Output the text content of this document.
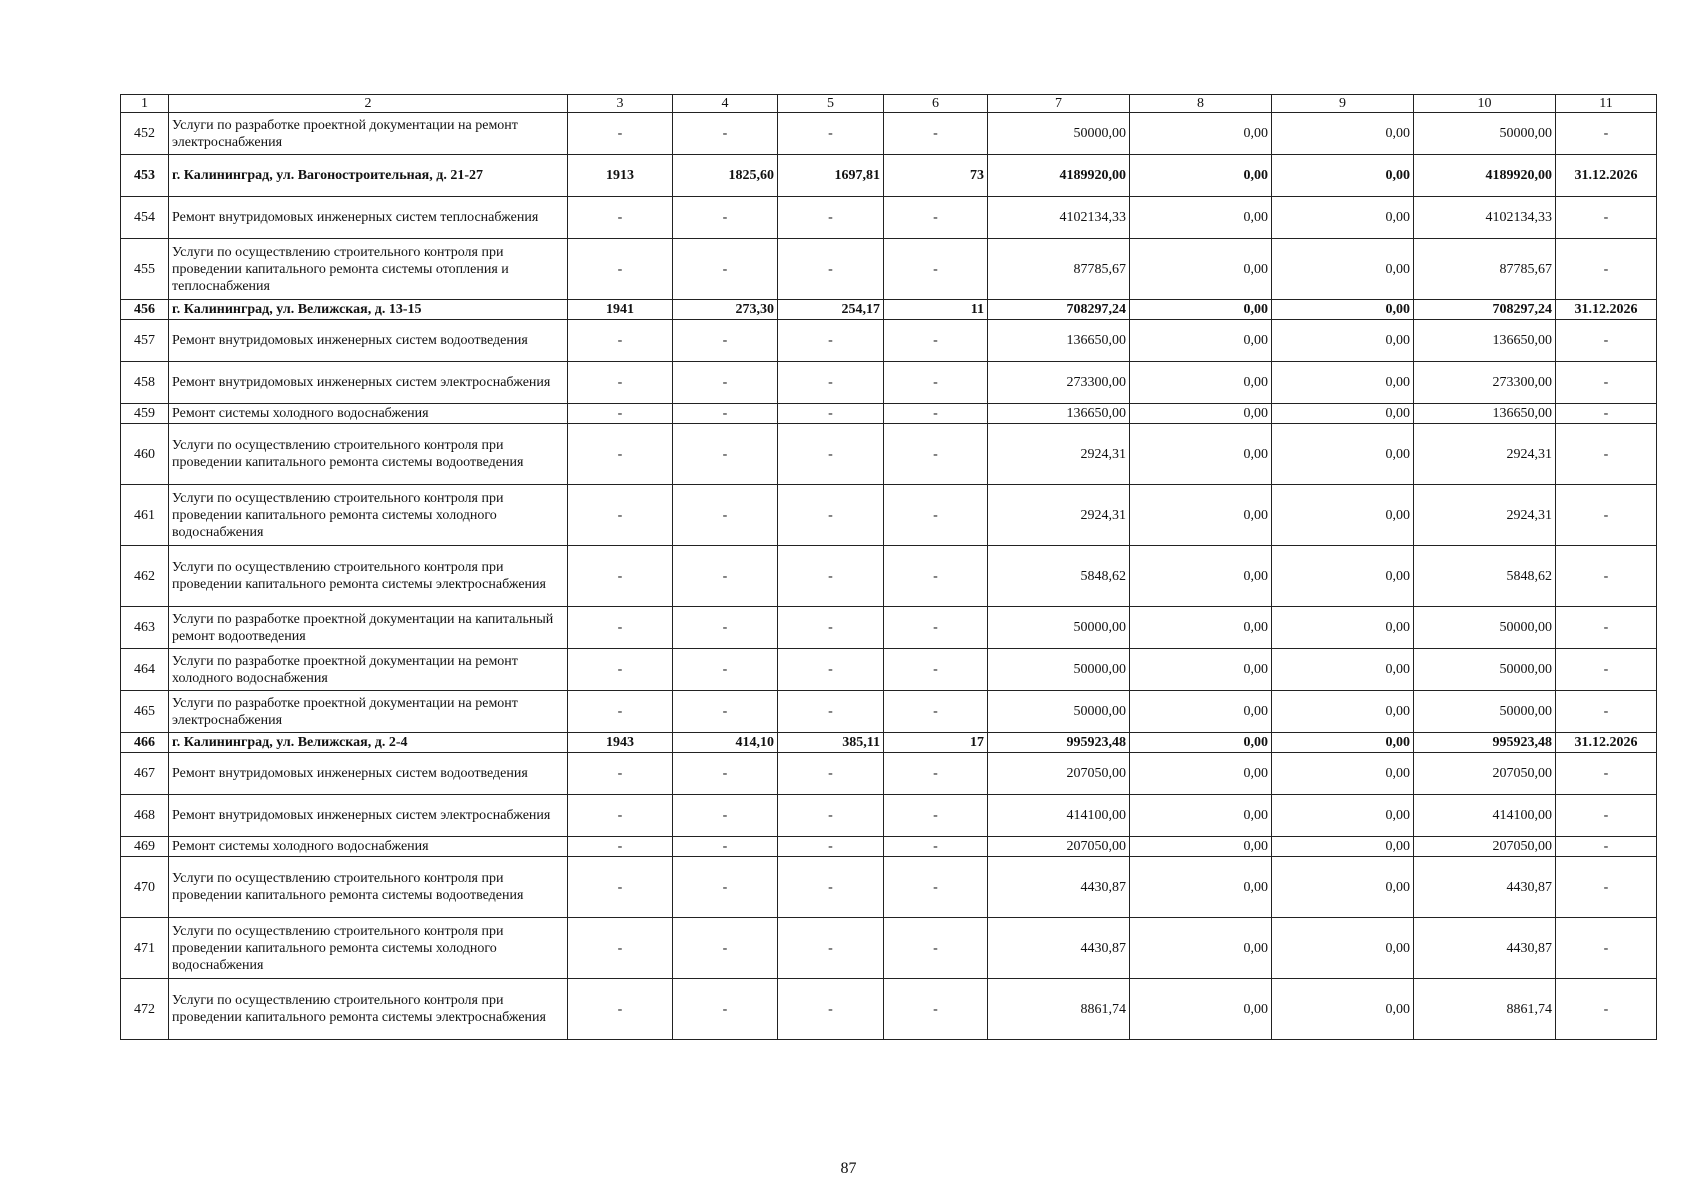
1	2	3	4	5	6	7	8	9	10	11
452	Услуги по разработке проектной документации на ремонт электроснабжения	-	-	-	-	50000,00	0,00	0,00	50000,00	-
453	г. Калининград, ул. Вагоностроительная, д. 21-27	1913	1825,60	1697,81	73	4189920,00	0,00	0,00	4189920,00	31.12.2026
454	Ремонт внутридомовых инженерных систем теплоснабжения	-	-	-	-	4102134,33	0,00	0,00	4102134,33	-
455	Услуги по осуществлению строительного контроля при проведении капитального ремонта системы отопления и теплоснабжения	-	-	-	-	87785,67	0,00	0,00	87785,67	-
456	г. Калининград, ул. Велижская, д. 13-15	1941	273,30	254,17	11	708297,24	0,00	0,00	708297,24	31.12.2026
457	Ремонт внутридомовых инженерных систем водоотведения	-	-	-	-	136650,00	0,00	0,00	136650,00	-
458	Ремонт внутридомовых инженерных систем электроснабжения	-	-	-	-	273300,00	0,00	0,00	273300,00	-
459	Ремонт системы холодного водоснабжения	-	-	-	-	136650,00	0,00	0,00	136650,00	-
460	Услуги по осуществлению строительного контроля при проведении капитального ремонта системы водоотведения	-	-	-	-	2924,31	0,00	0,00	2924,31	-
461	Услуги по осуществлению строительного контроля при проведении капитального ремонта системы холодного водоснабжения	-	-	-	-	2924,31	0,00	0,00	2924,31	-
462	Услуги по осуществлению строительного контроля при проведении капитального ремонта системы электроснабжения	-	-	-	-	5848,62	0,00	0,00	5848,62	-
463	Услуги по разработке проектной документации на капитальный ремонт водоотведения	-	-	-	-	50000,00	0,00	0,00	50000,00	-
464	Услуги по разработке проектной документации на ремонт холодного водоснабжения	-	-	-	-	50000,00	0,00	0,00	50000,00	-
465	Услуги по разработке проектной документации на ремонт электроснабжения	-	-	-	-	50000,00	0,00	0,00	50000,00	-
466	г. Калининград, ул. Велижская, д. 2-4	1943	414,10	385,11	17	995923,48	0,00	0,00	995923,48	31.12.2026
467	Ремонт внутридомовых инженерных систем водоотведения	-	-	-	-	207050,00	0,00	0,00	207050,00	-
468	Ремонт внутридомовых инженерных систем электроснабжения	-	-	-	-	414100,00	0,00	0,00	414100,00	-
469	Ремонт системы холодного водоснабжения	-	-	-	-	207050,00	0,00	0,00	207050,00	-
470	Услуги по осуществлению строительного контроля при проведении капитального ремонта системы водоотведения	-	-	-	-	4430,87	0,00	0,00	4430,87	-
471	Услуги по осуществлению строительного контроля при проведении капитального ремонта системы холодного водоснабжения	-	-	-	-	4430,87	0,00	0,00	4430,87	-
472	Услуги по осуществлению строительного контроля при проведении капитального ремонта системы электроснабжения	-	-	-	-	8861,74	0,00	0,00	8861,74	-
87
